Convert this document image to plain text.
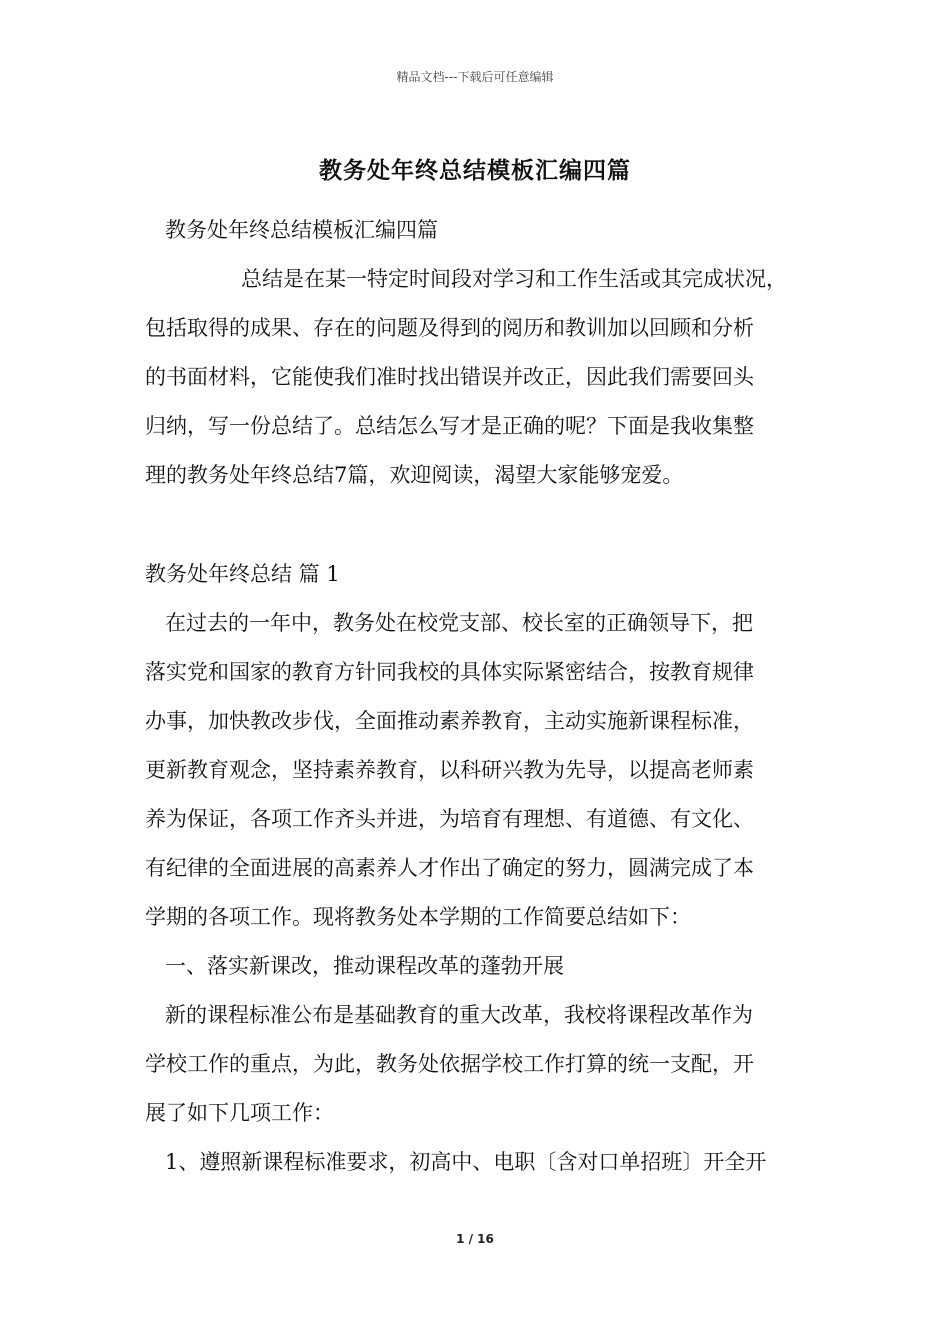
精品文档---下载后可任意编辑
教务处年终总结模板汇编四篇
教务处年终总结模板汇编四篇
总结是在某一特定时间段对学习和工作生活或其完成状况，
包括取得的成果、存在的问题及得到的阅历和教训加以回顾和分析
的书面材料，它能使我们准时找出错误并改正，因此我们需要回头
归纳，写一份总结了。总结怎么写才是正确的呢？下面是我收集整
理的教务处年终总结7篇，欢迎阅读，渴望大家能够宠爱。
教务处年终总结 篇 1
在过去的一年中，教务处在校党支部、校长室的正确领导下，把
落实党和国家的教育方针同我校的具体实际紧密结合，按教育规律
办事，加快教改步伐，全面推动素养教育，主动实施新课程标准，
更新教育观念，坚持素养教育，以科研兴教为先导，以提高老师素
养为保证，各项工作齐头并进，为培育有理想、有道德、有文化、
有纪律的全面进展的高素养人才作出了确定的努力，圆满完成了本
学期的各项工作。现将教务处本学期的工作简要总结如下：
一、落实新课改，推动课程改革的蓬勃开展
新的课程标准公布是基础教育的重大改革，我校将课程改革作为
学校工作的重点，为此，教务处依据学校工作打算的统一支配，开
展了如下几项工作：
1、遵照新课程标准要求，初高中、电职〔含对口单招班〕开全开
1 / 16
